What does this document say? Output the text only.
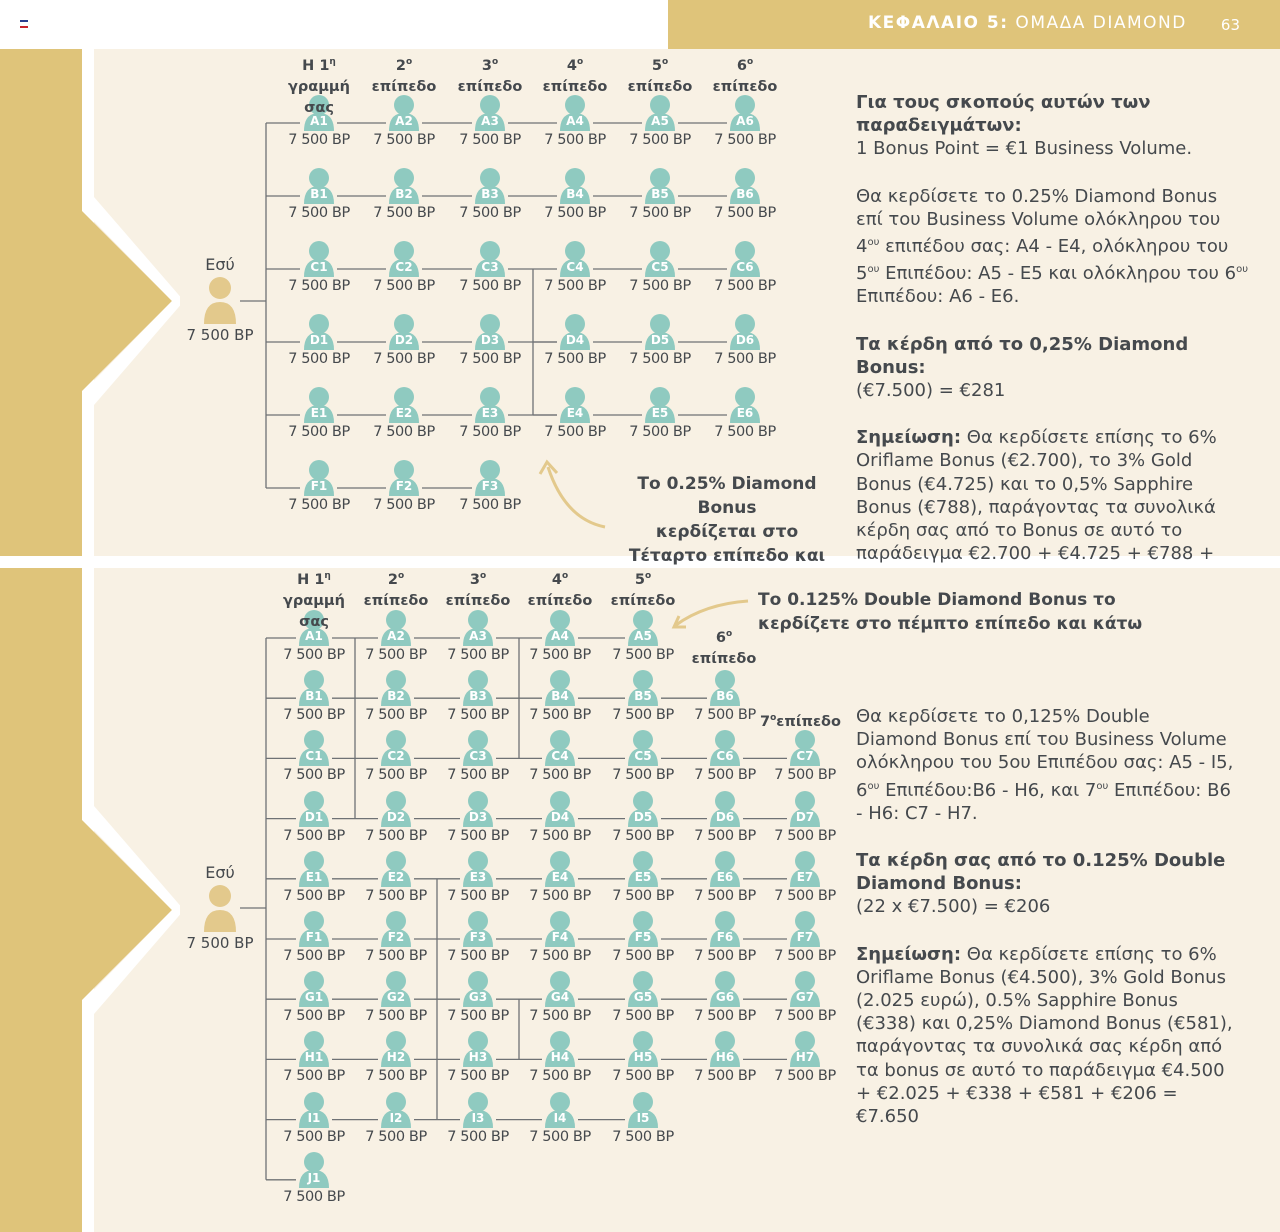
ΚΕΦΑΛΑΙΟ 5: ΟΜΑΔΑ DIAMOND 63
A1
7 500 BP
A2
7 500 BP
A3
7 500 BP
A4
7 500 BP
A5
7 500 BP
A6
7 500 BP
B1
7 500 BP
B2
7 500 BP
B3
7 500 BP
B4
7 500 BP
B5
7 500 BP
B6
7 500 BP
C1
7 500 BP
C2
7 500 BP
C3
7 500 BP
C4
7 500 BP
C5
7 500 BP
C6
7 500 BP
D1
7 500 BP
D2
7 500 BP
D3
7 500 BP
D4
7 500 BP
D5
7 500 BP
D6
7 500 BP
E1
7 500 BP
E2
7 500 BP
E3
7 500 BP
E4
7 500 BP
E5
7 500 BP
E6
7 500 BP
F1
7 500 BP
F2
7 500 BP
F3
7 500 BP
Εσύ
7 500 BP
H $1^\eta$ γραμμή
σας
$2^o$
επίπεδο
$3^o$
επίπεδο
$4^o$
επίπεδο
$5^o$
επίπεδο
$6^o$
επίπεδο
Το 0.25% Diamond Bonus
κερδίζεται στο
Τέταρτο επίπεδο και

Για τους σκοπούς αυτών των παραδειγμάτων:
1 Bonus Point = €1 Business Volume.

Θα κερδίσετε το 0.25% Diamond Bonus επί του Business Volume ολόκληρου του $4^{o\upsilon}$ επιπέδου σας: A4 - E4, ολόκληρου του $5^{o\upsilon}$ Επιπέδου: A5 - E5 και ολόκληρου του $6^{o\upsilon}$ Επιπέδου: A6 - E6.

Τα κέρδη από το 0,25% Diamond Bonus:
(€7.500) = €281

Σημείωση: Θα κερδίσετε επίσης το 6% Oriflame Bonus (€2.700), το 3% Gold Bonus (€4.725) και το 0,5% Sapphire Bonus (€788), παράγοντας τα συνολικά κέρδη σας από το Bonus σε αυτό το παράδειγμα €2.700 + €4.725 + €788 +

A1
7 500 BP
A2
7 500 BP
A3
7 500 BP
A4
7 500 BP
A5
7 500 BP
B1
7 500 BP
B2
7 500 BP
B3
7 500 BP
B4
7 500 BP
B5
7 500 BP
B6
7 500 BP
C1
7 500 BP
C2
7 500 BP
C3
7 500 BP
C4
7 500 BP
C5
7 500 BP
C6
7 500 BP
C7
7 500 BP
D1
7 500 BP
D2
7 500 BP
D3
7 500 BP
D4
7 500 BP
D5
7 500 BP
D6
7 500 BP
D7
7 500 BP
E1
7 500 BP
E2
7 500 BP
E3
7 500 BP
E4
7 500 BP
E5
7 500 BP
E6
7 500 BP
E7
7 500 BP
F1
7 500 BP
F2
7 500 BP
F3
7 500 BP
F4
7 500 BP
F5
7 500 BP
F6
7 500 BP
F7
7 500 BP
G1
7 500 BP
G2
7 500 BP
G3
7 500 BP
G4
7 500 BP
G5
7 500 BP
G6
7 500 BP
G7
7 500 BP
H1
7 500 BP
H2
7 500 BP
H3
7 500 BP
H4
7 500 BP
H5
7 500 BP
H6
7 500 BP
H7
7 500 BP
I1
7 500 BP
I2
7 500 BP
I3
7 500 BP
I4
7 500 BP
I5
7 500 BP
J1
7 500 BP
Εσύ
7 500 BP
H $1^\eta$ γραμμή
σας
$2^o$
επίπεδο
$3^o$
επίπεδο
$4^o$
επίπεδο
$5^o$
επίπεδο
$6^o$
επίπεδο
$7^o\varepsilon\pi ί\pi\varepsilon\delta o$
Το 0.125% Double Diamond Bonus το
κερδίζετε στο πέμπτο επίπεδο και κάτω

Θα κερδίσετε το 0,125% Double Diamond Bonus επί του Business Volume ολόκληρου του 5ου Επιπέδου σας: A5 - I5, $6^{o\upsilon}$ Επιπέδου:B6 - H6, και $7^{o\upsilon}$ Επιπέδου: B6 - H6: C7 - H7.

Τα κέρδη σας από το 0.125% Double Diamond Bonus:
(22 x €7.500) = €206

Σημείωση: Θα κερδίσετε επίσης το 6% Oriflame Bonus (€4.500), 3% Gold Bonus (2.025 ευρώ), 0.5% Sapphire Bonus (€338) και 0,25% Diamond Bonus (€581), παράγοντας τα συνολικά σας κέρδη από τα bonus σε αυτό το παράδειγμα €4.500 + €2.025 + €338 + €581 + €206 = €7.650
